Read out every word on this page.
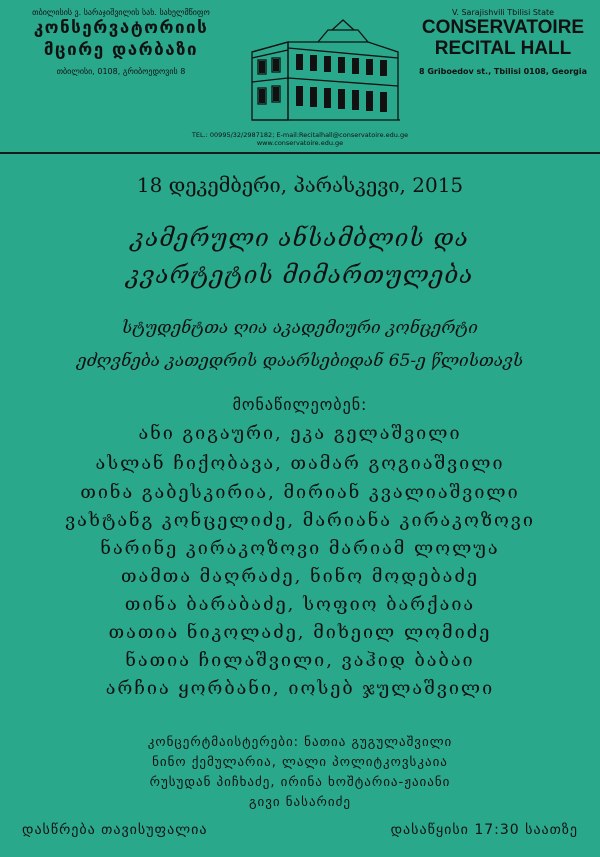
თბილისის ვ. სარაჯიშვილის სახ. სახელმწიფო
კონსერვატორიის
მცირე დარბაზი
თბილისი, 0108, გრიბოედოვის 8
V. Sarajishvili Tbilisi State
CONSERVATOIRE
RECITAL HALL
8 Griboedov st., Tbilisi 0108, Georgia
TEL.: 00995/32/2987182; E-mail:Recitalhall@conservatoire.edu.ge
www.conservatoire.edu.ge
18 დეკემბერი, პარასკევი, 2015
კამერული ანსამბლის და
კვარტეტის მიმართულება
სტუდენტთა ღია აკადემიური კონცერტი
ეძღვნება კათედრის დაარსებიდან 65-ე წლისთავს
მონაწილეობენ:
ანი გიგაური, ეკა გელაშვილი
ასლან ჩიქობავა, თამარ გოგიაშვილი
თინა გაბესკირია, მირიან კვალიაშვილი
ვახტანგ კონცელიძე, მარიანა კირაკოზოვი
ნარინე კირაკოზოვი მარიამ ლოლუა
თამთა მაღრაძე, ნინო მოდებაძე
თინა ბარაბაძე, სოფიო ბარქაია
თათია ნიკოლაძე, მიხეილ ლომიძე
ნათია ჩილაშვილი, ვაჰიდ ბაბაი
არჩია ყორბანი, იოსებ ჯულაშვილი
კონცერტმაისტერები: ნათია გუგულაშვილი
ნინო ქემულარია, ლალი პოლიტკოვსკაია
რუსუდან პიჩხაძე, ირინა ხოშტარია-ჟაიანი
გივი ნასარიძე
დასწრება თავისუფალია	დასაწყისი 17:30 საათზე
